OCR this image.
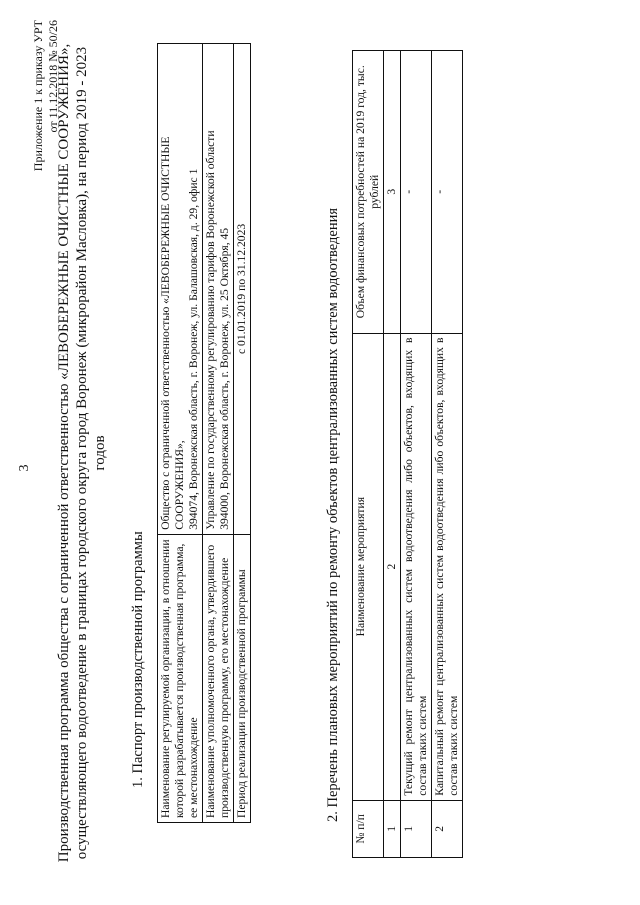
3
Приложение 1 к приказу УРТ от 11.12.2018 № 50/26
Производственная программа общества с ограниченной ответственностью «ЛЕВОБЕРЕЖНЫЕ ОЧИСТНЫЕ СООРУЖЕНИЯ», осуществляющего водоотведение в границах городского округа город Воронеж (микрорайон Масловка), на период 2019 - 2023 годов
1. Паспорт производственной программы Наименование регулируемой организации, в отношении которой разрабатывается производственная программа, ее местонахождение	Общество с ограниченной ответственностью «ЛЕВОБЕРЕЖНЫЕ ОЧИСТНЫЕ СООРУЖЕНИЯ», 394074, Воронежская область, г. Воронеж, ул. Балашовская, д. 29, офис 1

Наименование уполномоченного органа, утвердившего производственную программу, его местонахождение	Управление по государственному регулированию тарифов Воронежской области 394000, Воронежская область, г. Воронеж, ул. 25 Октября, 45

Период реализации производственной программы	с 01.01.2019 по 31.12.2023	2. Перечень плановых мероприятий по ремонту объектов централизованных систем водоотведения
№ п/п	Наименование мероприятия	Объем финансовых потребностей на 2019 год, тыс. рублей
1	2	3
1	Текущий ремонт централизованных систем водоотведения либо объектов, входящих в состав таких систем	-
2	Капитальный ремонт централизованных систем водоотведения либо объектов, входящих в состав таких систем	-
